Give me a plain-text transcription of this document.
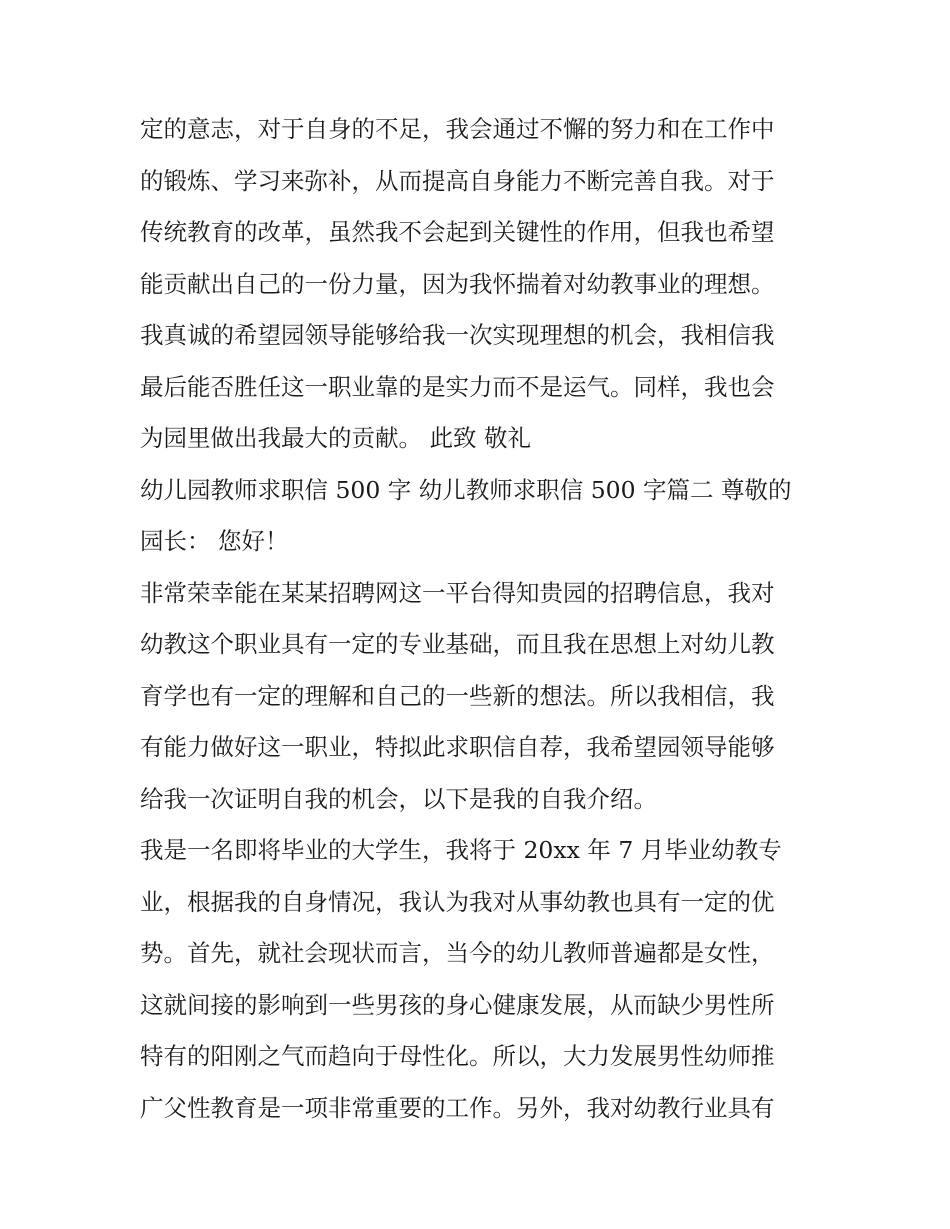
定的意志，对于自身的不足，我会通过不懈的努力和在工作中
的锻炼、学习来弥补，从而提高自身能力不断完善自我。对于
传统教育的改革，虽然我不会起到关键性的作用，但我也希望
能贡献出自己的一份力量，因为我怀揣着对幼教事业的理想。
我真诚的希望园领导能够给我一次实现理想的机会，我相信我
最后能否胜任这一职业靠的是实力而不是运气。同样，我也会
为园里做出我最大的贡献。 此致 敬礼
幼儿园教师求职信 500 字 幼儿教师求职信 500 字篇二 尊敬的
园长： 您好！
非常荣幸能在某某招聘网这一平台得知贵园的招聘信息，我对
幼教这个职业具有一定的专业基础，而且我在思想上对幼儿教
育学也有一定的理解和自己的一些新的想法。所以我相信，我
有能力做好这一职业，特拟此求职信自荐，我希望园领导能够
给我一次证明自我的机会，以下是我的自我介绍。
我是一名即将毕业的大学生，我将于 20xx 年 7 月毕业幼教专
业，根据我的自身情况，我认为我对从事幼教也具有一定的优
势。首先，就社会现状而言，当今的幼儿教师普遍都是女性，
这就间接的影响到一些男孩的身心健康发展，从而缺少男性所
特有的阳刚之气而趋向于母性化。所以，大力发展男性幼师推
广父性教育是一项非常重要的工作。另外，我对幼教行业具有
